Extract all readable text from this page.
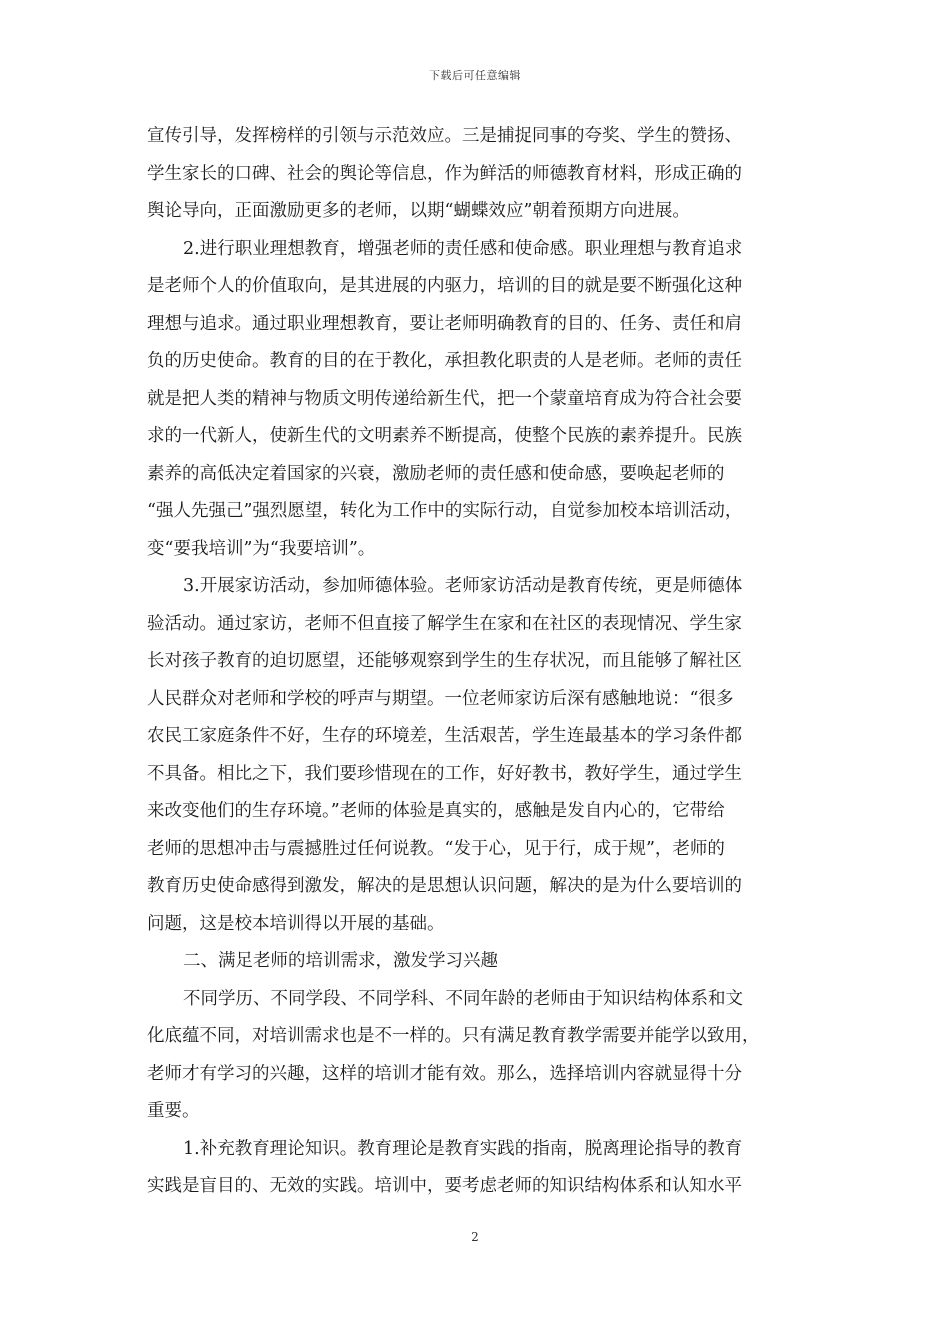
下载后可任意编辑
宣传引导，发挥榜样的引领与示范效应。三是捕捉同事的夸奖、学生的赞扬、
学生家长的口碑、社会的舆论等信息，作为鲜活的师德教育材料，形成正确的
舆论导向，正面激励更多的老师，以期“蝴蝶效应”朝着预期方向进展。
2.进行职业理想教育，增强老师的责任感和使命感。职业理想与教育追求
是老师个人的价值取向，是其进展的内驱力，培训的目的就是要不断强化这种
理想与追求。通过职业理想教育，要让老师明确教育的目的、任务、责任和肩
负的历史使命。教育的目的在于教化，承担教化职责的人是老师。老师的责任
就是把人类的精神与物质文明传递给新生代，把一个蒙童培育成为符合社会要
求的一代新人，使新生代的文明素养不断提高，使整个民族的素养提升。民族
素养的高低决定着国家的兴衰，激励老师的责任感和使命感，要唤起老师的
“强人先强己”强烈愿望，转化为工作中的实际行动，自觉参加校本培训活动，
变“要我培训”为“我要培训”。
3.开展家访活动，参加师德体验。老师家访活动是教育传统，更是师德体
验活动。通过家访，老师不但直接了解学生在家和在社区的表现情况、学生家
长对孩子教育的迫切愿望，还能够观察到学生的生存状况，而且能够了解社区
人民群众对老师和学校的呼声与期望。一位老师家访后深有感触地说：“很多
农民工家庭条件不好，生存的环境差，生活艰苦，学生连最基本的学习条件都
不具备。相比之下，我们要珍惜现在的工作，好好教书，教好学生，通过学生
来改变他们的生存环境。”老师的体验是真实的，感触是发自内心的，它带给
老师的思想冲击与震撼胜过任何说教。“发于心，见于行，成于规”，老师的
教育历史使命感得到激发，解决的是思想认识问题，解决的是为什么要培训的
问题，这是校本培训得以开展的基础。
二、满足老师的培训需求，激发学习兴趣
不同学历、不同学段、不同学科、不同年龄的老师由于知识结构体系和文
化底蕴不同，对培训需求也是不一样的。只有满足教育教学需要并能学以致用，
老师才有学习的兴趣，这样的培训才能有效。那么，选择培训内容就显得十分
重要。
1.补充教育理论知识。教育理论是教育实践的指南，脱离理论指导的教育
实践是盲目的、无效的实践。培训中，要考虑老师的知识结构体系和认知水平
2
